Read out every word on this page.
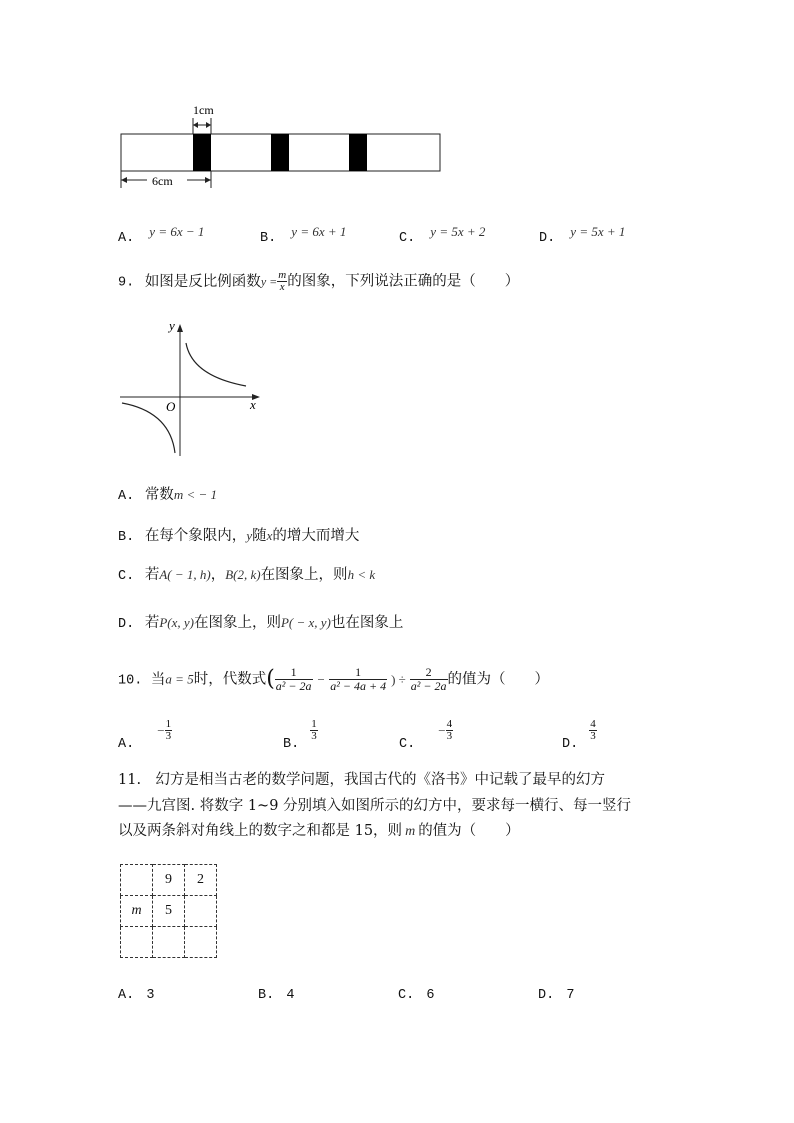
1cm
6cm
A. $^{y = 6x - 1}$	B. $^{y = 6x + 1}$	C. $^{y = 5x + 2}$	D. $^{y = 5x + 1}$
9. 如图是反比例函数$y = \frac{m}{x}$ 的图象，下列说法正确的是（　　）
y
x
O
A. 常数m < − 1
B. 在每个象限内，y随x的增大而增大
C. 若A( − 1, h)，B(2, k)在图象上，则h < k
D. 若P(x, y)在图象上，则P( − x, y)也在图象上
10. 当a = 5时，代数式( $\frac{1}{\text{a² − 2a}} - \frac{1}{\text{a² − 4a + 4}}$ ) ÷ $\frac{2}{\text{a² − 2a}}$ 的值为（　　）
$_{A.} - \frac{1}{3}$
$_{B.}$
$\frac{1}{3}$
$_{C.} - \frac{4}{3}$
$_{D.}$
$\frac{4}{3}$
11.　幻方是相当古老的数学问题，我国古代的《洛书》中记载了最早的幻方
——九宫图. 将数字 1~9 分别填入如图所示的幻方中，要求每一横行、每一竖行
以及两条斜对角线上的数字之和都是 15，则 m 的值为（　　）
	9	2
m	5	

A. 3	B. 4	C. 6	D. 7
